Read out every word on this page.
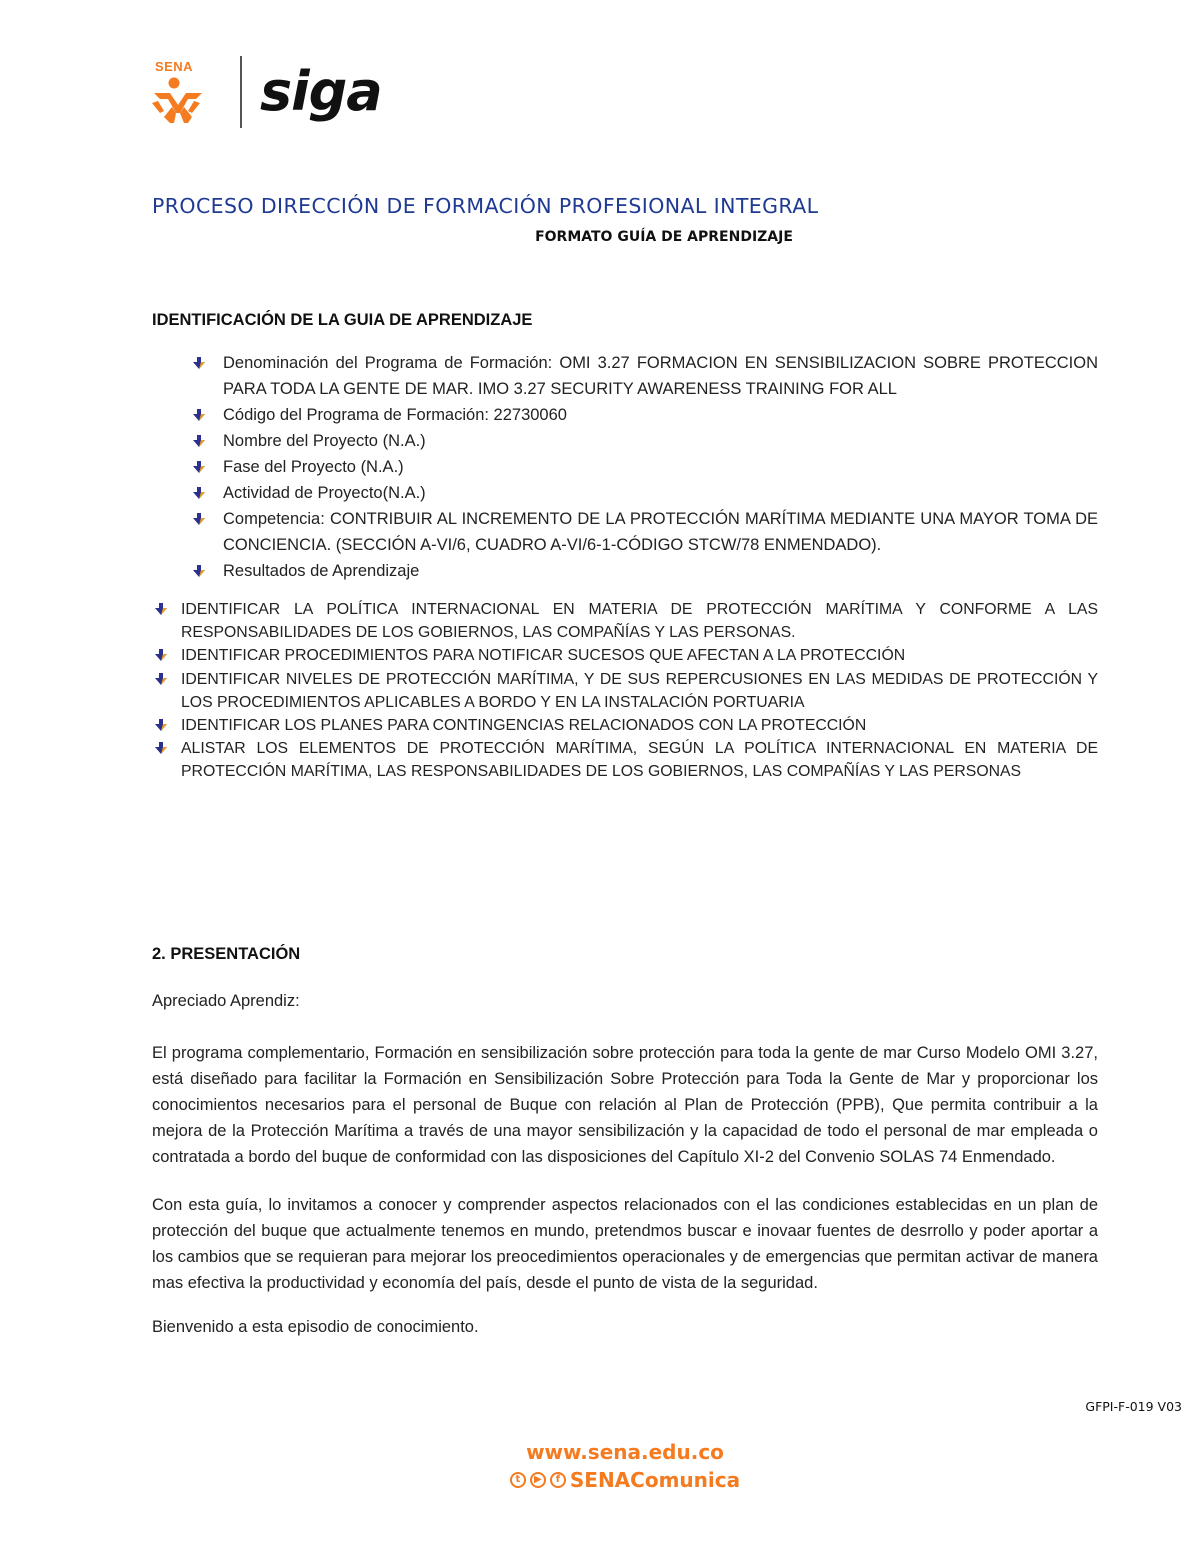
SENA siga
PROCESO DIRECCIÓN DE FORMACIÓN PROFESIONAL INTEGRAL
FORMATO GUÍA DE APRENDIZAJE
IDENTIFICACIÓN DE LA GUIA DE APRENDIZAJE
Denominación del Programa de Formación: OMI 3.27 FORMACION EN SENSIBILIZACION SOBRE PROTECCION PARA TODA LA GENTE DE MAR. IMO 3.27 SECURITY AWARENESS TRAINING FOR ALL
Código del Programa de Formación: 22730060
Nombre del Proyecto (N.A.)
Fase del Proyecto (N.A.)
Actividad de Proyecto(N.A.)
Competencia: CONTRIBUIR AL INCREMENTO DE LA PROTECCIÓN MARÍTIMA MEDIANTE UNA MAYOR TOMA DE CONCIENCIA. (SECCIÓN A-VI/6, CUADRO A-VI/6-1-CÓDIGO STCW/78 ENMENDADO).
Resultados de Aprendizaje
IDENTIFICAR LA POLÍTICA INTERNACIONAL EN MATERIA DE PROTECCIÓN MARÍTIMA Y CONFORME A LAS RESPONSABILIDADES DE LOS GOBIERNOS, LAS COMPAÑÍAS Y LAS PERSONAS.
IDENTIFICAR PROCEDIMIENTOS PARA NOTIFICAR SUCESOS QUE AFECTAN A LA PROTECCIÓN
IDENTIFICAR NIVELES DE PROTECCIÓN MARÍTIMA, Y DE SUS REPERCUSIONES EN LAS MEDIDAS DE PROTECCIÓN Y LOS PROCEDIMIENTOS APLICABLES A BORDO Y EN LA INSTALACIÓN PORTUARIA
IDENTIFICAR LOS PLANES PARA CONTINGENCIAS RELACIONADOS CON LA PROTECCIÓN
ALISTAR LOS ELEMENTOS DE PROTECCIÓN MARÍTIMA, SEGÚN LA POLÍTICA INTERNACIONAL EN MATERIA DE PROTECCIÓN MARÍTIMA, LAS RESPONSABILIDADES DE LOS GOBIERNOS, LAS COMPAÑÍAS Y LAS PERSONAS
2. PRESENTACIÓN

Apreciado Aprendiz:

El programa complementario, Formación en sensibilización sobre protección para toda la gente de mar Curso Modelo OMI 3.27, está diseñado para facilitar la Formación en Sensibilización Sobre Protección para Toda la Gente de Mar y proporcionar los conocimientos necesarios para el personal de Buque con relación al Plan de Protección (PPB), Que permita contribuir a la mejora de la Protección Marítima a través de una mayor sensibilización y la capacidad de todo el personal de mar empleada o contratada a bordo del buque de conformidad con las disposiciones del Capítulo XI-2 del Convenio SOLAS 74 Enmendado.

Con esta guía, lo invitamos a conocer y comprender aspectos relacionados con el las condiciones establecidas en un plan de protección del buque que actualmente tenemos en mundo, pretendmos buscar e inovaar fuentes de desrrollo y poder aportar a los cambios que se requieran para mejorar los preocedimientos operacionales y de emergencias que permitan activar de manera mas efectiva la productividad y economía del país, desde el punto de vista de la seguridad.

Bienvenido a esta episodio de conocimiento.

GFPI-F-019 V03
www.sena.edu.co
t	▶	f SENAComunica
